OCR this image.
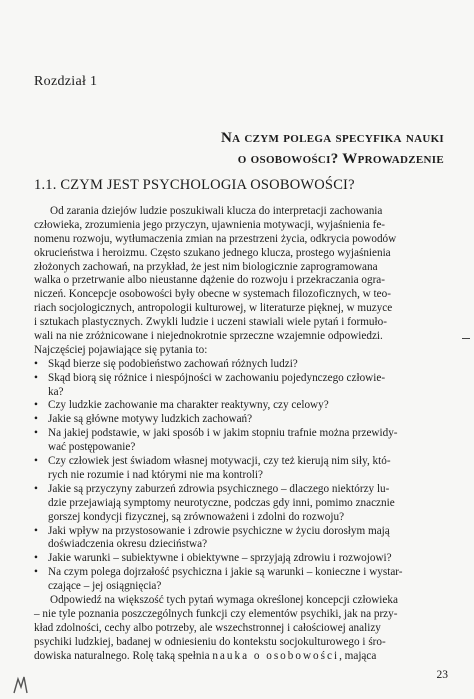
Rozdział 1
Na czym polega specyfika nauki
o osobowości? Wprowadzenie
1.1. CZYM JEST PSYCHOLOGIA OSOBOWOŚCI?
Od zarania dziejów ludzie poszukiwali klucza do interpretacji zachowania
człowieka, zrozumienia jego przyczyn, ujawnienia motywacji, wyjaśnienia fe-
nomenu rozwoju, wytłumaczenia zmian na przestrzeni życia, odkrycia powodów
okrucieństwa i heroizmu. Często szukano jednego klucza, prostego wyjaśnienia
złożonych zachowań, na przykład, że jest nim biologicznie zaprogramowana
walka o przetrwanie albo nieustanne dążenie do rozwoju i przekraczania ogra-
niczeń. Koncepcje osobowości były obecne w systemach filozoficznych, w teo-
riach socjologicznych, antropologii kulturowej, w literaturze pięknej, w muzyce
i sztukach plastycznych. Zwykli ludzie i uczeni stawiali wiele pytań i formuło-
wali na nie zróżnicowane i niejednokrotnie sprzeczne wzajemnie odpowiedzi.
Najczęściej pojawiające się pytania to:
• Skąd bierze się podobieństwo zachowań różnych ludzi?
• Skąd biorą się różnice i niespójności w zachowaniu pojedynczego człowie-
ka?
• Czy ludzkie zachowanie ma charakter reaktywny, czy celowy?
• Jakie są główne motywy ludzkich zachowań?
• Na jakiej podstawie, w jaki sposób i w jakim stopniu trafnie można przewidy-
wać postępowanie?
• Czy człowiek jest świadom własnej motywacji, czy też kierują nim siły, któ-
rych nie rozumie i nad którymi nie ma kontroli?
• Jakie są przyczyny zaburzeń zdrowia psychicznego – dlaczego niektórzy lu-
dzie przejawiają symptomy neurotyczne, podczas gdy inni, pomimo znacznie
gorszej kondycji fizycznej, są zrównoważeni i zdolni do rozwoju?
• Jaki wpływ na przystosowanie i zdrowie psychiczne w życiu dorosłym mają
doświadczenia okresu dzieciństwa?
• Jakie warunki – subiektywne i obiektywne – sprzyjają zdrowiu i rozwojowi?
• Na czym polega dojrzałość psychiczna i jakie są warunki – konieczne i wystar-
czające – jej osiągnięcia?
Odpowiedź na większość tych pytań wymaga określonej koncepcji człowieka
– nie tyle poznania poszczególnych funkcji czy elementów psychiki, jak na przy-
kład zdolności, cechy albo potrzeby, ale wszechstronnej i całościowej analizy
psychiki ludzkiej, badanej w odniesieniu do kontekstu socjokulturowego i śro-
dowiska naturalnego. Rolę taką spełnia nauka o osobowości, mająca
23
